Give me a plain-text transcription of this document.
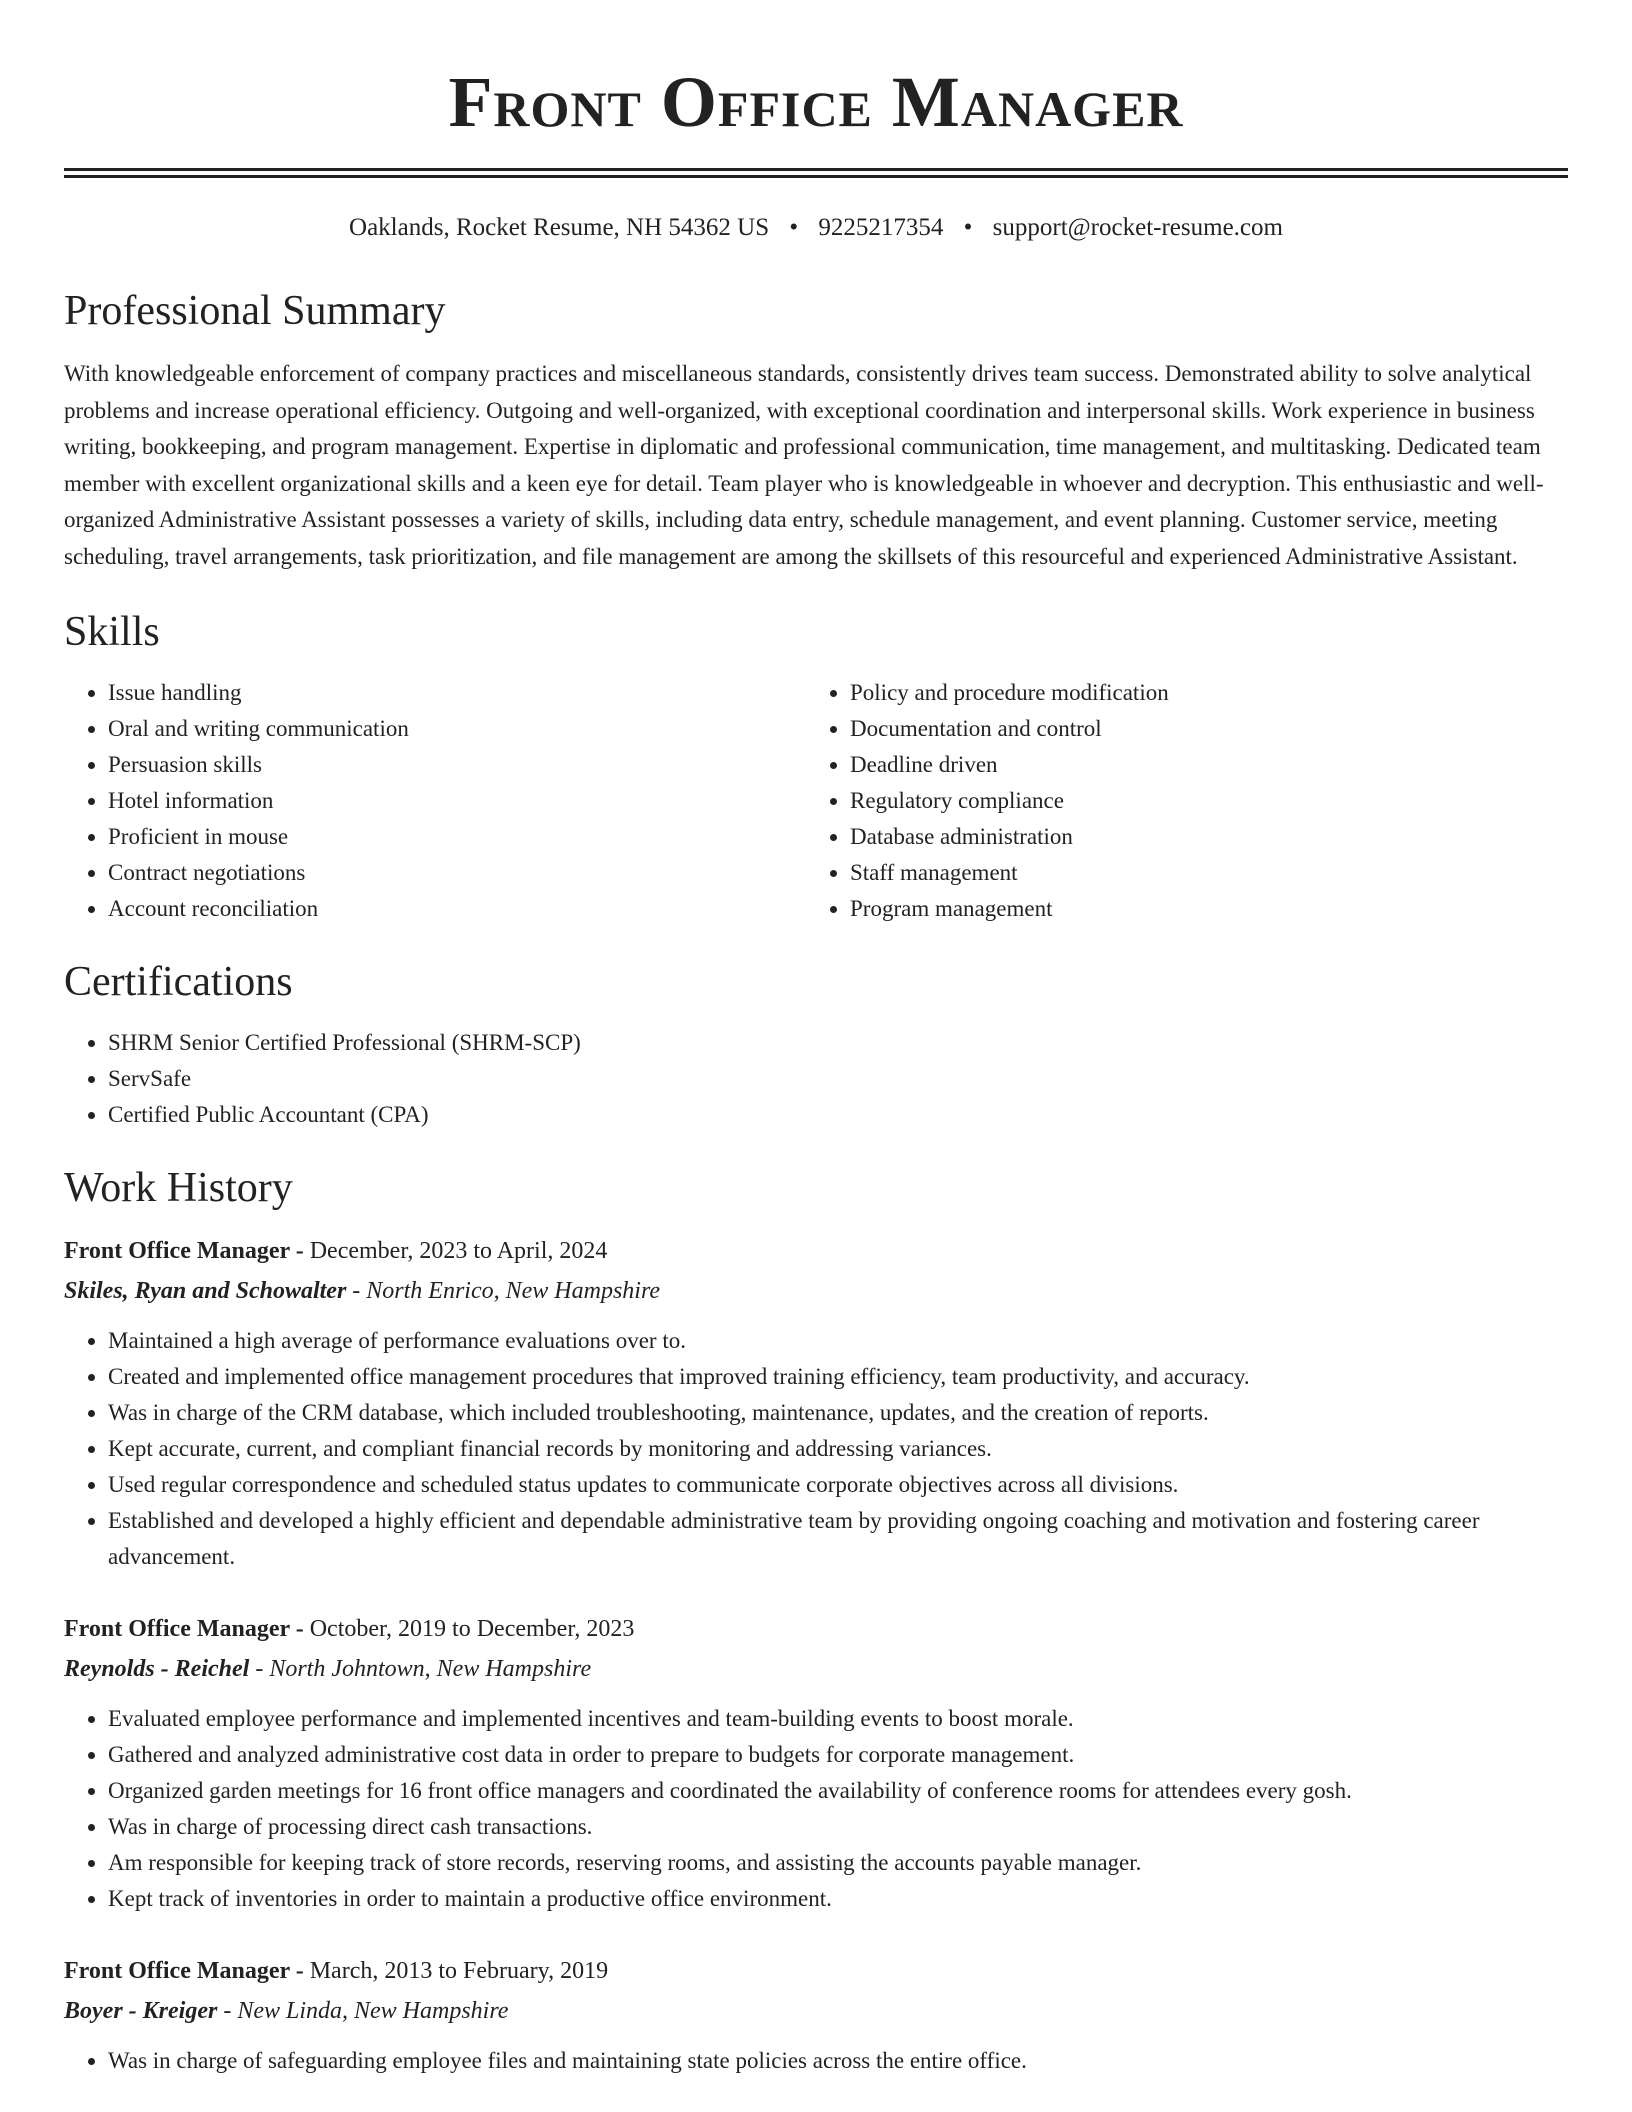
Front Office Manager
Oaklands, Rocket Resume, NH 54362 US • 9225217354 • support@rocket-resume.com
Professional Summary

With knowledgeable enforcement of company practices and miscellaneous standards, consistently drives team success. Demonstrated ability to solve analytical problems and increase operational efficiency. Outgoing and well-organized, with exceptional coordination and interpersonal skills. Work experience in business writing, bookkeeping, and program management. Expertise in diplomatic and professional communication, time management, and multitasking. Dedicated team member with excellent organizational skills and a keen eye for detail. Team player who is knowledgeable in whoever and decryption. This enthusiastic and well-organized Administrative Assistant possesses a variety of skills, including data entry, schedule management, and event planning. Customer service, meeting scheduling, travel arrangements, task prioritization, and file management are among the skillsets of this resourceful and experienced Administrative Assistant.

Skills
• Issue handling
• Oral and writing communication
• Persuasion skills
• Hotel information
• Proficient in mouse
• Contract negotiations
• Account reconciliation
• Policy and procedure modification
• Documentation and control
• Deadline driven
• Regulatory compliance
• Database administration
• Staff management
• Program management
Certifications
• SHRM Senior Certified Professional (SHRM-SCP)
• ServSafe
• Certified Public Accountant (CPA)
Work History
Front Office Manager - December, 2023 to April, 2024
Skiles, Ryan and Schowalter - North Enrico, New Hampshire
• Maintained a high average of performance evaluations over to.
• Created and implemented office management procedures that improved training efficiency, team productivity, and accuracy.
• Was in charge of the CRM database, which included troubleshooting, maintenance, updates, and the creation of reports.
• Kept accurate, current, and compliant financial records by monitoring and addressing variances.
• Used regular correspondence and scheduled status updates to communicate corporate objectives across all divisions.
• Established and developed a highly efficient and dependable administrative team by providing ongoing coaching and motivation and fostering career advancement.
Front Office Manager - October, 2019 to December, 2023
Reynolds - Reichel - North Johntown, New Hampshire
• Evaluated employee performance and implemented incentives and team-building events to boost morale.
• Gathered and analyzed administrative cost data in order to prepare to budgets for corporate management.
• Organized garden meetings for 16 front office managers and coordinated the availability of conference rooms for attendees every gosh.
• Was in charge of processing direct cash transactions.
• Am responsible for keeping track of store records, reserving rooms, and assisting the accounts payable manager.
• Kept track of inventories in order to maintain a productive office environment.
Front Office Manager - March, 2013 to February, 2019
Boyer - Kreiger - New Linda, New Hampshire
• Was in charge of safeguarding employee files and maintaining state policies across the entire office.
